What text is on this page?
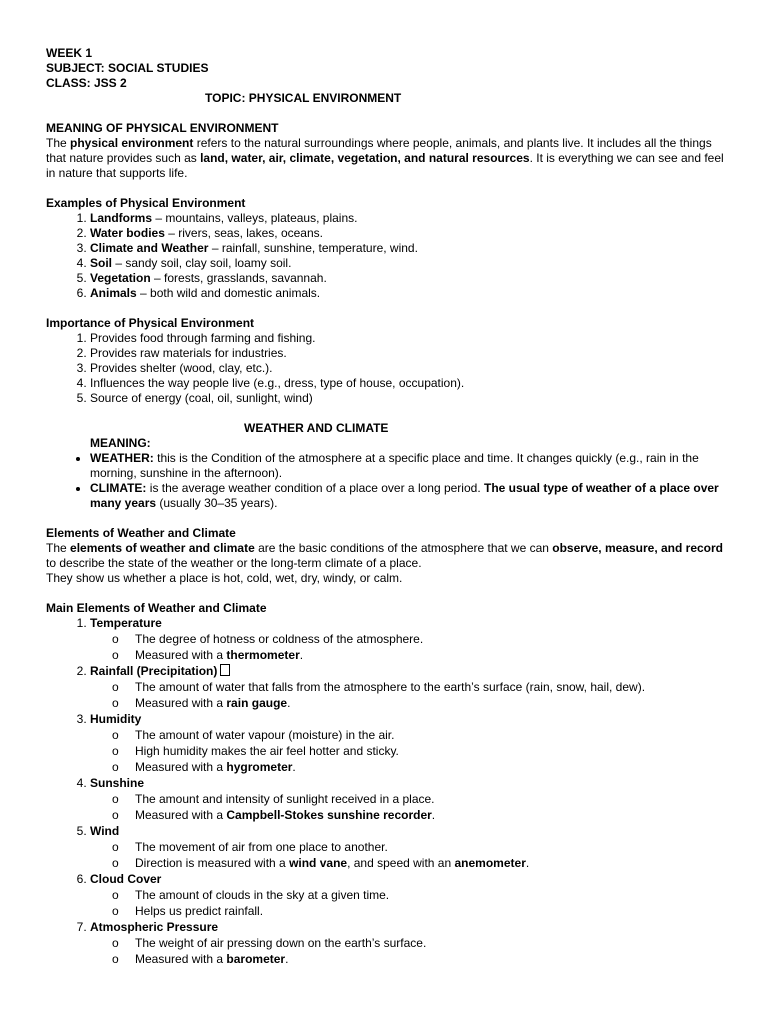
WEEK 1
SUBJECT: SOCIAL STUDIES
CLASS: JSS 2
TOPIC: PHYSICAL ENVIRONMENT
MEANING OF PHYSICAL ENVIRONMENT

The physical environment refers to the natural surroundings where people, animals, and plants live. It includes all the things that nature provides such as land, water, air, climate, vegetation, and natural resources. It is everything we can see and feel in nature that supports life.

Examples of Physical Environment
1. Landforms – mountains, valleys, plateaus, plains.
2. Water bodies – rivers, seas, lakes, oceans.
3. Climate and Weather – rainfall, sunshine, temperature, wind.
4. Soil – sandy soil, clay soil, loamy soil.
5. Vegetation – forests, grasslands, savannah.
6. Animals – both wild and domestic animals.
Importance of Physical Environment
1. Provides food through farming and fishing.
2. Provides raw materials for industries.
3. Provides shelter (wood, clay, etc.).
4. Influences the way people live (e.g., dress, type of house, occupation).
5. Source of energy (coal, oil, sunlight, wind)
WEATHER AND CLIMATE
MEANING:
• WEATHER: this is the Condition of the atmosphere at a specific place and time. It changes quickly (e.g., rain in the morning, sunshine in the afternoon).
• CLIMATE: is the average weather condition of a place over a long period. The usual type of weather of a place over many years (usually 30–35 years).
Elements of Weather and Climate

The elements of weather and climate are the basic conditions of the atmosphere that we can observe, measure, and record to describe the state of the weather or the long-term climate of a place.

They show us whether a place is hot, cold, wet, dry, windy, or calm.

Main Elements of Weather and Climate
1. Temperature
o The degree of hotness or coldness of the atmosphere.
o Measured with a thermometer.
2. Rainfall (Precipitation)
o The amount of water that falls from the atmosphere to the earth’s surface (rain, snow, hail, dew).
o Measured with a rain gauge.
3. Humidity
o The amount of water vapour (moisture) in the air.
o High humidity makes the air feel hotter and sticky.
o Measured with a hygrometer.
4. Sunshine
o The amount and intensity of sunlight received in a place.
o Measured with a Campbell-Stokes sunshine recorder.
5. Wind
o The movement of air from one place to another.
o Direction is measured with a wind vane, and speed with an anemometer.
6. Cloud Cover
o The amount of clouds in the sky at a given time.
o Helps us predict rainfall.
7. Atmospheric Pressure
o The weight of air pressing down on the earth’s surface.
o Measured with a barometer.
